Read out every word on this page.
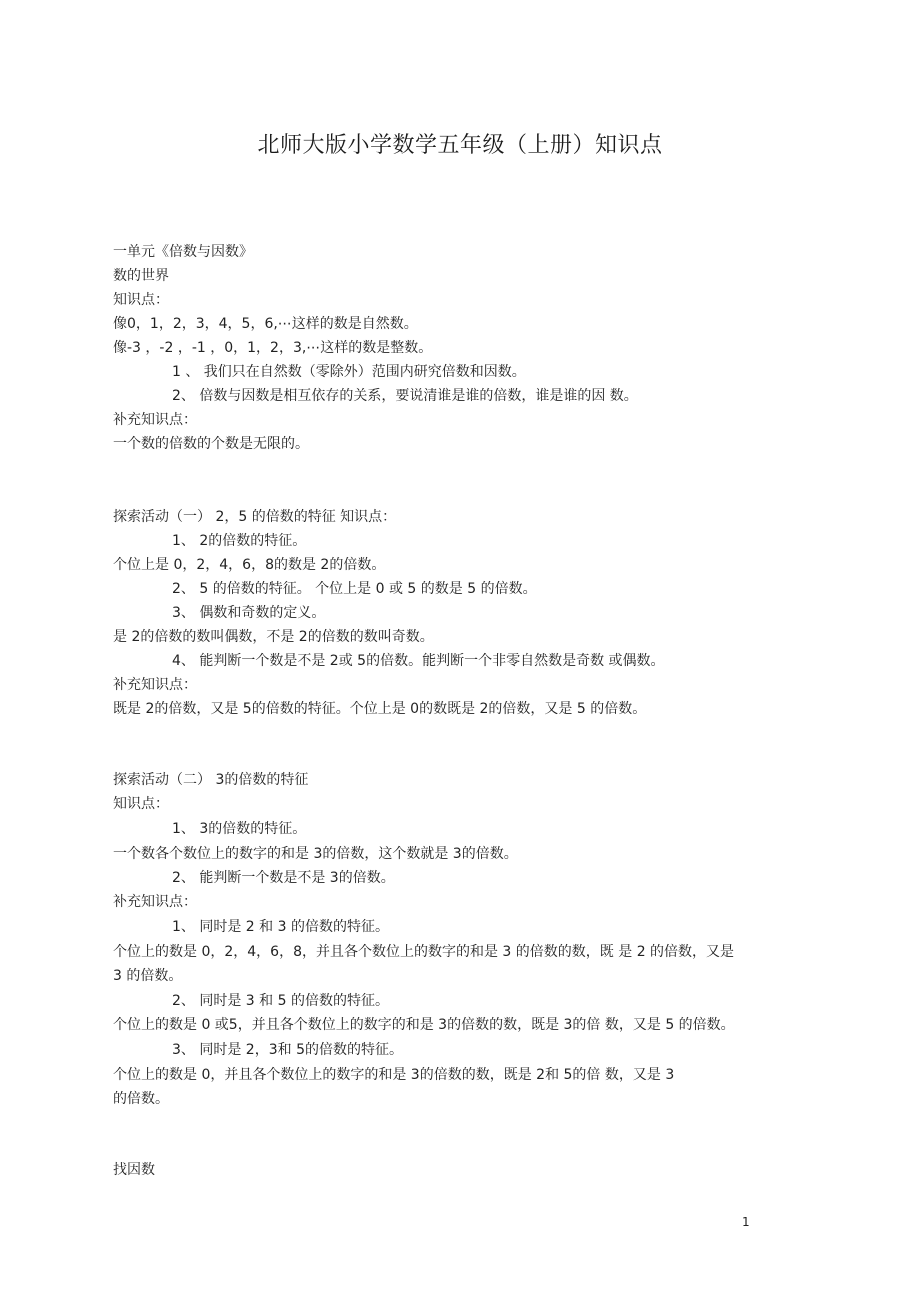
北师大版小学数学五年级（上册）知识点
一单元《倍数与因数》
数的世界
知识点：
像0，1，2，3，4，5，6,⋯这样的数是自然数。
像-3 ，-2 ，-1 ，0，1，2，3,⋯这样的数是整数。
1 、 我们只在自然数（零除外）范围内研究倍数和因数。
2、 倍数与因数是相互依存的关系，要说清谁是谁的倍数，谁是谁的因 数。
补充知识点：
一个数的倍数的个数是无限的。
探索活动（一） 2，5 的倍数的特征 知识点：
1、 2的倍数的特征。
个位上是 0，2，4，6，8的数是 2的倍数。
2、 5 的倍数的特征。 个位上是 0 或 5 的数是 5 的倍数。
3、 偶数和奇数的定义。
是 2的倍数的数叫偶数，不是 2的倍数的数叫奇数。
4、 能判断一个数是不是 2或 5的倍数。能判断一个非零自然数是奇数 或偶数。
补充知识点：
既是 2的倍数，又是 5的倍数的特征。个位上是 0的数既是 2的倍数，又是 5 的倍数。
探索活动（二） 3的倍数的特征
知识点：
1、 3的倍数的特征。
一个数各个数位上的数字的和是 3的倍数，这个数就是 3的倍数。
2、 能判断一个数是不是 3的倍数。
补充知识点：
1、 同时是 2 和 3 的倍数的特征。
个位上的数是 0，2，4，6，8，并且各个数位上的数字的和是 3 的倍数的数，既 是 2 的倍数，又是
3 的倍数。
2、 同时是 3 和 5 的倍数的特征。
个位上的数是 0 或5，并且各个数位上的数字的和是 3的倍数的数，既是 3的倍 数，又是 5 的倍数。
3、 同时是 2，3和 5的倍数的特征。
个位上的数是 0，并且各个数位上的数字的和是 3的倍数的数，既是 2和 5的倍 数，又是 3
的倍数。
找因数
1
